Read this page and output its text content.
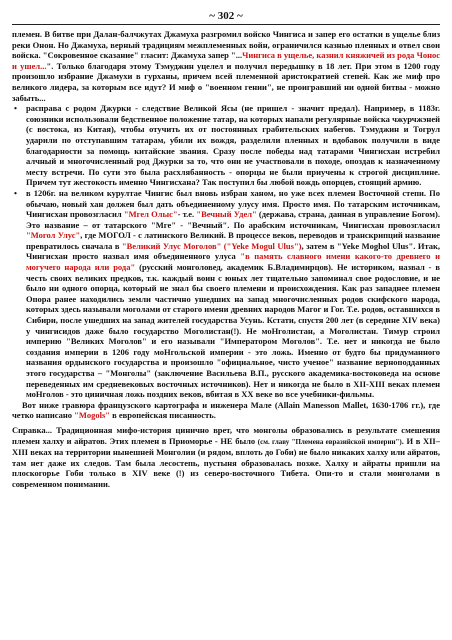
~ 302 ~

племен. В битве при Далан-балчжутах Джамуха разгромил войско Чингиса и запер его остатки в ущелье близ реки Онон. Но Джамуха, верный традициям межплеменных войн, ограничился казнью пленных и отвел свои войска. "Сокровенное сказание" гласит: Джамуха запер "...Чингиса в ущелье, казнил княжичей из рода Чонос и ушел...". Только благодаря этому Тэмуджин уцелел и получил передышку в 18 лет. При этом в 1200 году произошло избрание Джамухи в гурханы, причем всей племенной аристократией степей. Как же миф про великого лидера, за которым все идут? И миф о "военном гении", не проигравший ни одной битвы - можно забыть...

• расправа с родом Джурки - следствие Великой Ясы (не пришел - значит предал). Например, в 1183г. союзники использовали бедственное положение татар, на которых напали регулярные войска чжурчжэней (с востока, из Китая), чтобы отучить их от постоянных грабительских набегов. Тэмуджин и Тогрул ударили по отступавшим татарам, убили их вождя, разделили пленных и вдобавок получили в виде благодарности за помощь китайские звания. Сразу после победы над татарами Чингисхан истребил алчный и многочисленный род Джурки за то, что они не участвовали в походе, опоздав к назначенному месту встречи. По сути это была расхлябанность - опорцы не были приучены к строгой дисциплине. Причем тут жестокость именно Чингисхана? Так поступил бы любой вождь опорцев, стоящий армию.
• в 1206г. на великом курултае Чингис был вновь избран ханом, но уже всех племен Восточной степи. По обычаю, новый хан должен был дать объединенному улусу имя. Просто имя. По татарским источникам, Чингисхан провозгласил "Мгел Олыс"- т.е. "Вечный Удел" (держава, страна, данная в управление Богом). Это название – от татарского "Мге" - "Вечный". По арабским источникам, Чингисхан провозгласил "Могол Улус", где МОГОЛ - с латинского Великий. В процессе веков, переводов и транскрипций название превратилось сначала в "Великий Улус Моголов" ("Yeke Mogul Ulus"), затем в "Yeke Moghol Ulus". Итак, Чингисхан просто назвал имя объединенного улуса "в память славного имени какого-то древнего и могучего народа или рода" (русский монголовед, академик Б.Владимирцов). Не историком, назвал - в честь своих великих предков, т.к. каждый воин с юных лет тщательно запоминал свое родословие, и не было ни одного опорца, который не знал бы своего племени и происхождения. Как раз западнее племен Опора ранее находились земли частично ушедших на запад многочисленных родов скифского народа, которых здесь называли моголами от старого имени древних народов Магог и Гог. Т.е. родов, оставшихся в Сибири, после ушедших на запад жителей государства Усунь. Кстати, спустя 200 лет (в середине XIV века) у чингисидов даже было государство Моголистан(!). Не моНголистан, а Моголистан. Тимур строил империю "Великих Моголов" и его называли "Императором Моголов". Т.е. нет и никогда не было создания империи в 1206 году моНгольской империи - это ложь. Именно от будто бы придуманного названия ордынского государства и произошло "официальное, чисто ученое" название верноподданных этого государства – "Монголы" (заключение Васильева В.П., русского академика-востоковеда на основе переведенных им средневековых восточных источников). Нет и никогда не было в XII-XIII веках племен моНголов - это циничная ложь поздних веков, вбитая в XX веке во все учебники-фильмы.

Вот ниже гравюра французского картографа и инженера Мале (Allain Manesson Mallet, 1630-1706 гг.), где четко написано "Mogols" в европейская писанность.

Справка... Традиционная мифо-история цинично врет, что монголы образовались в результате смешения племен халху и айратов. Этих племен в Приоморье - НЕ было (см. главу "Племена евразийской империи"). И в XII–XIII веках на территории нынешней Монголии (и рядом, вплоть до Гоби) не было никаких халху или айратов, там нет даже их следов. Там была лесостепь, пустыня образовалась позже. Халху и айраты пришли на плоскогорье Гоби только в XIV веке (!) из северо-восточного Тибета. Опи-то и стали монголами в современном понимании.
